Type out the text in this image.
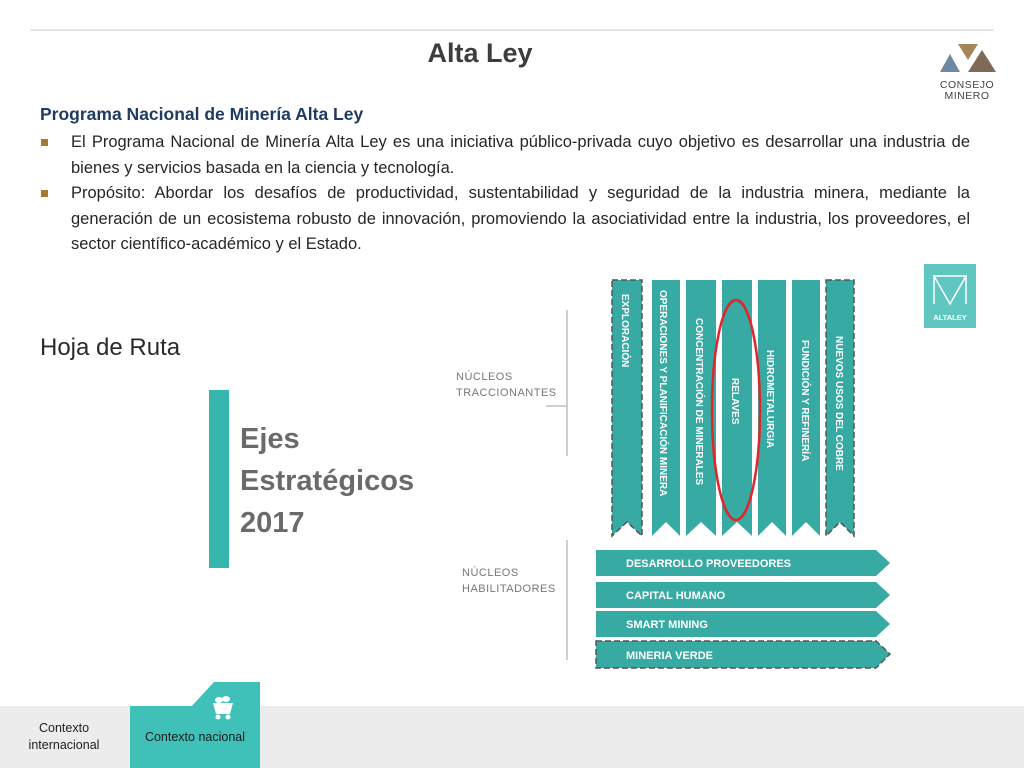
Alta Ley
CONSEJO
MINERO
Programa Nacional de Minería Alta Ley
El Programa Nacional de Minería Alta Ley es una iniciativa público-privada cuyo objetivo es desarrollar una industria de bienes y servicios basada en la ciencia y tecnología.
Propósito: Abordar los desafíos de productividad, sustentabilidad y seguridad de la industria minera, mediante la generación de un ecosistema robusto de innovación, promoviendo la asociatividad entre la industria, los proveedores, el sector científico-académico y el Estado.
Hoja de Ruta
Ejes
Estratégicos
2017
NÚCLEOS
TRACCIONANTES
NÚCLEOS
HABILITADORES
EXPLORACIÓN	OPERACIONES Y PLANIFICACIÓN MINERA	CONCENTRACIÓN DE MINERALES	RELAVES HIDROMETALURGIA FUNDICIÓN Y REFINERÍA NUEVOS USOS DEL COBRE
ALTALEY
DESARROLLO PROVEEDORES
CAPITAL HUMANO
SMART MINING
MINERIA VERDE
Contexto internacional
Contexto nacional
